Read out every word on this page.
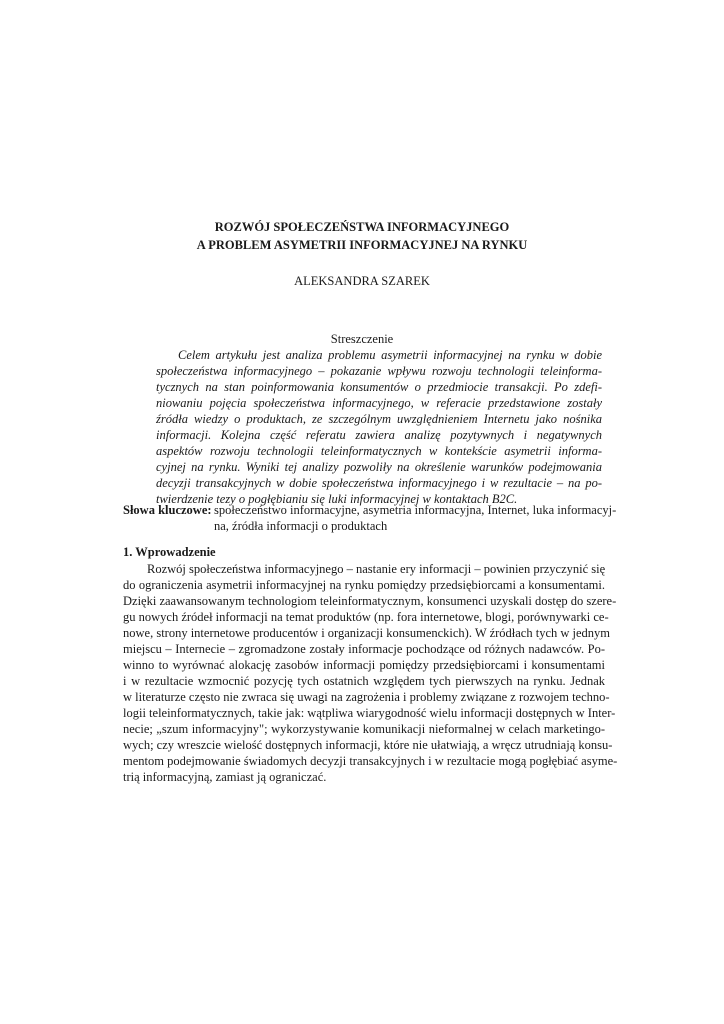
ROZWÓJ SPOŁECZEŃSTWA INFORMACYJNEGO
A PROBLEM ASYMETRII INFORMACYJNEJ NA RYNKU
ALEKSANDRA SZAREK
Streszczenie
Celem artykułu jest analiza problemu asymetrii informacyjnej na rynku w dobie
społeczeństwa informacyjnego – pokazanie wpływu rozwoju technologii teleinforma-
tycznych na stan poinformowania konsumentów o przedmiocie transakcji. Po zdefi-
niowaniu pojęcia społeczeństwa informacyjnego, w referacie przedstawione zostały
źródła wiedzy o produktach, ze szczególnym uwzględnieniem Internetu jako nośnika
informacji. Kolejna część referatu zawiera analizę pozytywnych i negatywnych
aspektów rozwoju technologii teleinformatycznych w kontekście asymetrii informa-
cyjnej na rynku. Wyniki tej analizy pozwoliły na określenie warunków podejmowania
decyzji transakcyjnych w dobie społeczeństwa informacyjnego i w rezultacie – na po-
twierdzenie tezy o pogłębianiu się luki informacyjnej w kontaktach B2C.
Słowa kluczowe: społeczeństwo informacyjne, asymetria informacyjna, Internet, luka informacyj-
na, źródła informacji o produktach
1. Wprowadzenie
Rozwój społeczeństwa informacyjnego – nastanie ery informacji – powinien przyczynić się
do ograniczenia asymetrii informacyjnej na rynku pomiędzy przedsiębiorcami a konsumentami.
Dzięki zaawansowanym technologiom teleinformatycznym, konsumenci uzyskali dostęp do szere-
gu nowych źródeł informacji na temat produktów (np. fora internetowe, blogi, porównywarki ce-
nowe, strony internetowe producentów i organizacji konsumenckich). W źródłach tych w jednym
miejscu – Internecie – zgromadzone zostały informacje pochodzące od różnych nadawców. Po-
winno to wyrównać alokację zasobów informacji pomiędzy przedsiębiorcami i konsumentami
i w rezultacie wzmocnić pozycję tych ostatnich względem tych pierwszych na rynku. Jednak
w literaturze często nie zwraca się uwagi na zagrożenia i problemy związane z rozwojem techno-
logii teleinformatycznych, takie jak: wątpliwa wiarygodność wielu informacji dostępnych w Inter-
necie; „szum informacyjny"; wykorzystywanie komunikacji nieformalnej w celach marketingo-
wych; czy wreszcie wielość dostępnych informacji, które nie ułatwiają, a wręcz utrudniają konsu-
mentom podejmowanie świadomych decyzji transakcyjnych i w rezultacie mogą pogłębiać asyme-
trią informacyjną, zamiast ją ograniczać.
